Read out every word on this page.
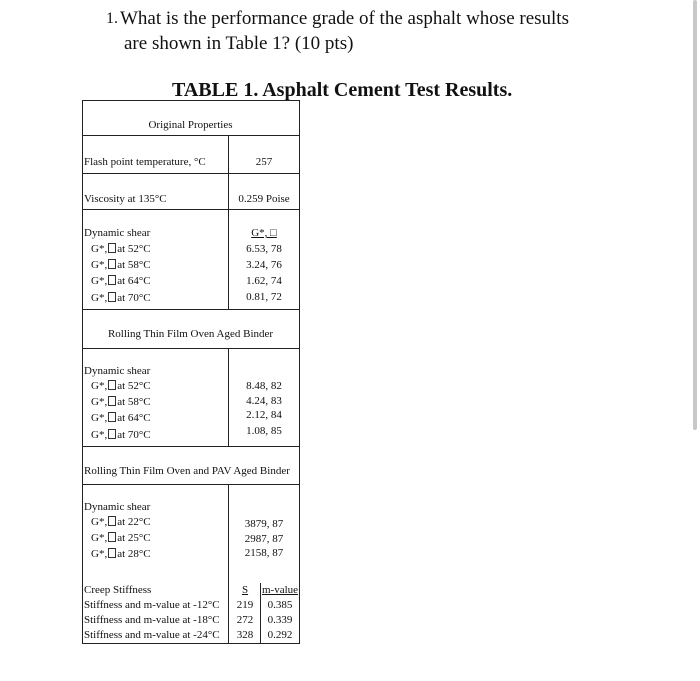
1. What is the performance grade of the asphalt whose results
are shown in Table 1? (10 pts)
TABLE 1. Asphalt Cement Test Results.
Original Properties
Flash point temperature, °C	257
Viscosity at 135°C	0.259 Poise
Dynamic shear	G*, □
G*, at 52°C	6.53, 78
G*, at 58°C	3.24, 76
G*, at 64°C	1.62, 74
G*, at 70°C	0.81, 72
Rolling Thin Film Oven Aged Binder
Dynamic shear
G*, at 52°C	8.48, 82
G*, at 58°C	4.24, 83
G*, at 64°C	2.12, 84
G*, at 70°C	1.08, 85
Rolling Thin Film Oven and PAV Aged Binder
Dynamic shear
G*, at 22°C	3879, 87
G*, at 25°C	2987, 87
G*, at 28°C	2158, 87
Creep Stiffness	S	m-value
Stiffness and m-value at -12°C	219	0.385
Stiffness and m-value at -18°C	272	0.339
Stiffness and m-value at -24°C	328	0.292
